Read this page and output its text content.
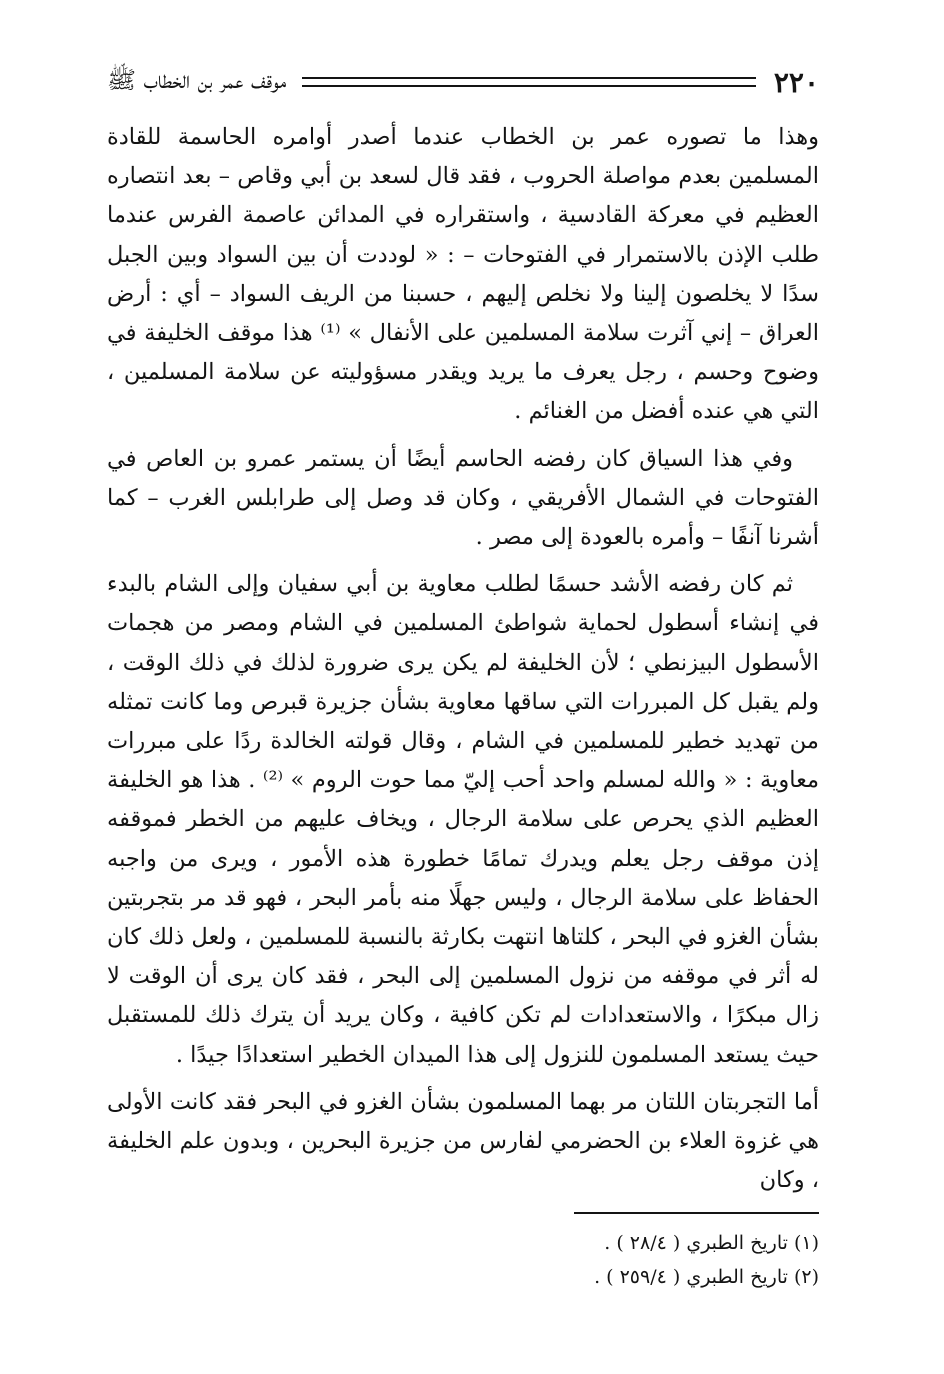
٢٢٠
موقف عمر بن الخطاب ﷺ

وهذا ما تصوره عمر بن الخطاب عندما أصدر أوامره الحاسمة للقادة المسلمين بعدم مواصلة الحروب ، فقد قال لسعد بن أبي وقاص – بعد انتصاره العظيم في معركة القادسية ، واستقراره في المدائن عاصمة الفرس عندما طلب الإذن بالاستمرار في الفتوحات – : « لوددت أن بين السواد وبين الجبل سدًا لا يخلصون إلينا ولا نخلص إليهم ، حسبنا من الريف السواد – أي : أرض العراق – إني آثرت سلامة المسلمين على الأنفال » ⁽¹⁾ هذا موقف الخليفة في وضوح وحسم ، رجل يعرف ما يريد ويقدر مسؤوليته عن سلامة المسلمين ، التي هي عنده أفضل من الغنائم .

وفي هذا السياق كان رفضه الحاسم أيضًا أن يستمر عمرو بن العاص في الفتوحات في الشمال الأفريقي ، وكان قد وصل إلى طرابلس الغرب – كما أشرنا آنفًا – وأمره بالعودة إلى مصر .

ثم كان رفضه الأشد حسمًا لطلب معاوية بن أبي سفيان وإلى الشام بالبدء في إنشاء أسطول لحماية شواطئ المسلمين في الشام ومصر من هجمات الأسطول البيزنطي ؛ لأن الخليفة لم يكن يرى ضرورة لذلك في ذلك الوقت ، ولم يقبل كل المبررات التي ساقها معاوية بشأن جزيرة قبرص وما كانت تمثله من تهديد خطير للمسلمين في الشام ، وقال قولته الخالدة ردًا على مبررات معاوية : « والله لمسلم واحد أحب إليّ مما حوت الروم » ⁽²⁾ . هذا هو الخليفة العظيم الذي يحرص على سلامة الرجال ، ويخاف عليهم من الخطر فموقفه إذن موقف رجل يعلم ويدرك تمامًا خطورة هذه الأمور ، ويرى من واجبه الحفاظ على سلامة الرجال ، وليس جهلًا منه بأمر البحر ، فهو قد مر بتجربتين بشأن الغزو في البحر ، كلتاها انتهت بكارثة بالنسبة للمسلمين ، ولعل ذلك كان له أثر في موقفه من نزول المسلمين إلى البحر ، فقد كان يرى أن الوقت لا زال مبكرًا ، والاستعدادات لم تكن كافية ، وكان يريد أن يترك ذلك للمستقبل حيث يستعد المسلمون للنزول إلى هذا الميدان الخطير استعدادًا جيدًا .

أما التجربتان اللتان مر بهما المسلمون بشأن الغزو في البحر فقد كانت الأولى هي غزوة العلاء بن الحضرمي لفارس من جزيرة البحرين ، وبدون علم الخليفة ، وكان

(١) تاريخ الطبري ( ٢٨/٤ ) .

(٢) تاريخ الطبري ( ٢٥٩/٤ ) .
